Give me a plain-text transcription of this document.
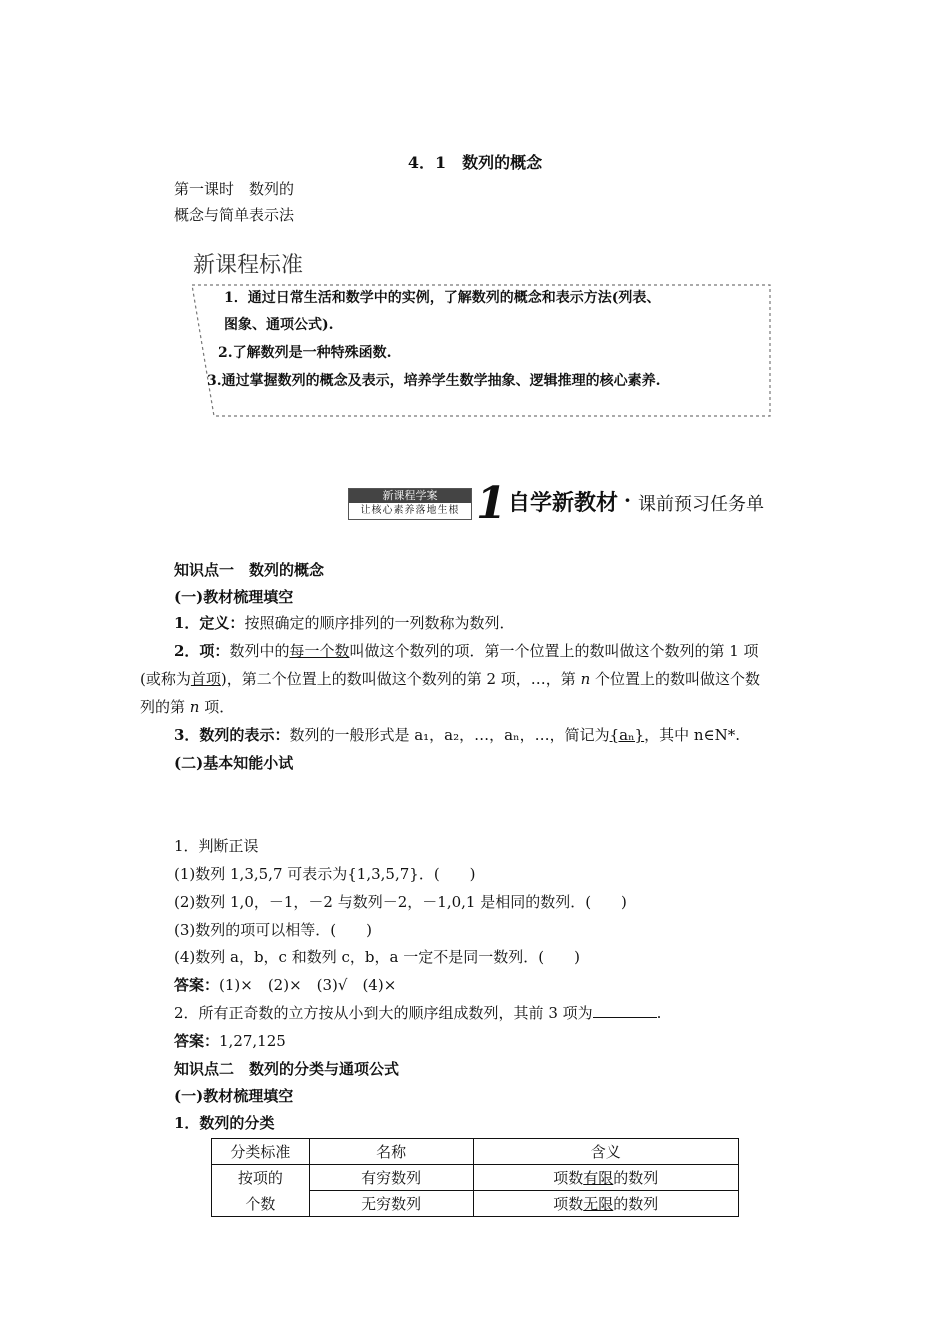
4．1　数列的概念
第一课时　数列的
概念与简单表示法
新课程标准
1．通过日常生活和数学中的实例，了解数列的概念和表示方法(列表、
图象、通项公式).
2.了解数列是一种特殊函数.
3.通过掌握数列的概念及表示，培养学生数学抽象、逻辑推理的核心素养.
新课程学案
让核心素养落地生根 1 自学新教材 · 课前预习任务单
知识点一　数列的概念
(一)教材梳理填空
1．定义：按照确定的顺序排列的一列数称为数列．
2．项：数列中的每一个数叫做这个数列的项．第一个位置上的数叫做这个数列的第 1 项
(或称为首项)，第二个位置上的数叫做这个数列的第 2 项，…，第 n 个位置上的数叫做这个数
列的第 n 项．
3．数列的表示：数列的一般形式是 a₁，a₂，…，aₙ，…，简记为{aₙ}，其中 n∈N*.
(二)基本知能小试
1．判断正误
(1)数列 1,3,5,7 可表示为{1,3,5,7}．(　　)
(2)数列 1,0，－1，－2 与数列－2，－1,0,1 是相同的数列．(　　)
(3)数列的项可以相等．(　　)
(4)数列 a，b，c 和数列 c，b，a 一定不是同一数列．(　　)
答案：(1)×　(2)×　(3)√　(4)×
2．所有正奇数的立方按从小到大的顺序组成数列，其前 3 项为	.
答案：1,27,125
知识点二　数列的分类与通项公式
(一)教材梳理填空
1．数列的分类
分类标准	名称	含义
按项的	有穷数列	项数有限的数列
个数	无穷数列	项数无限的数列
